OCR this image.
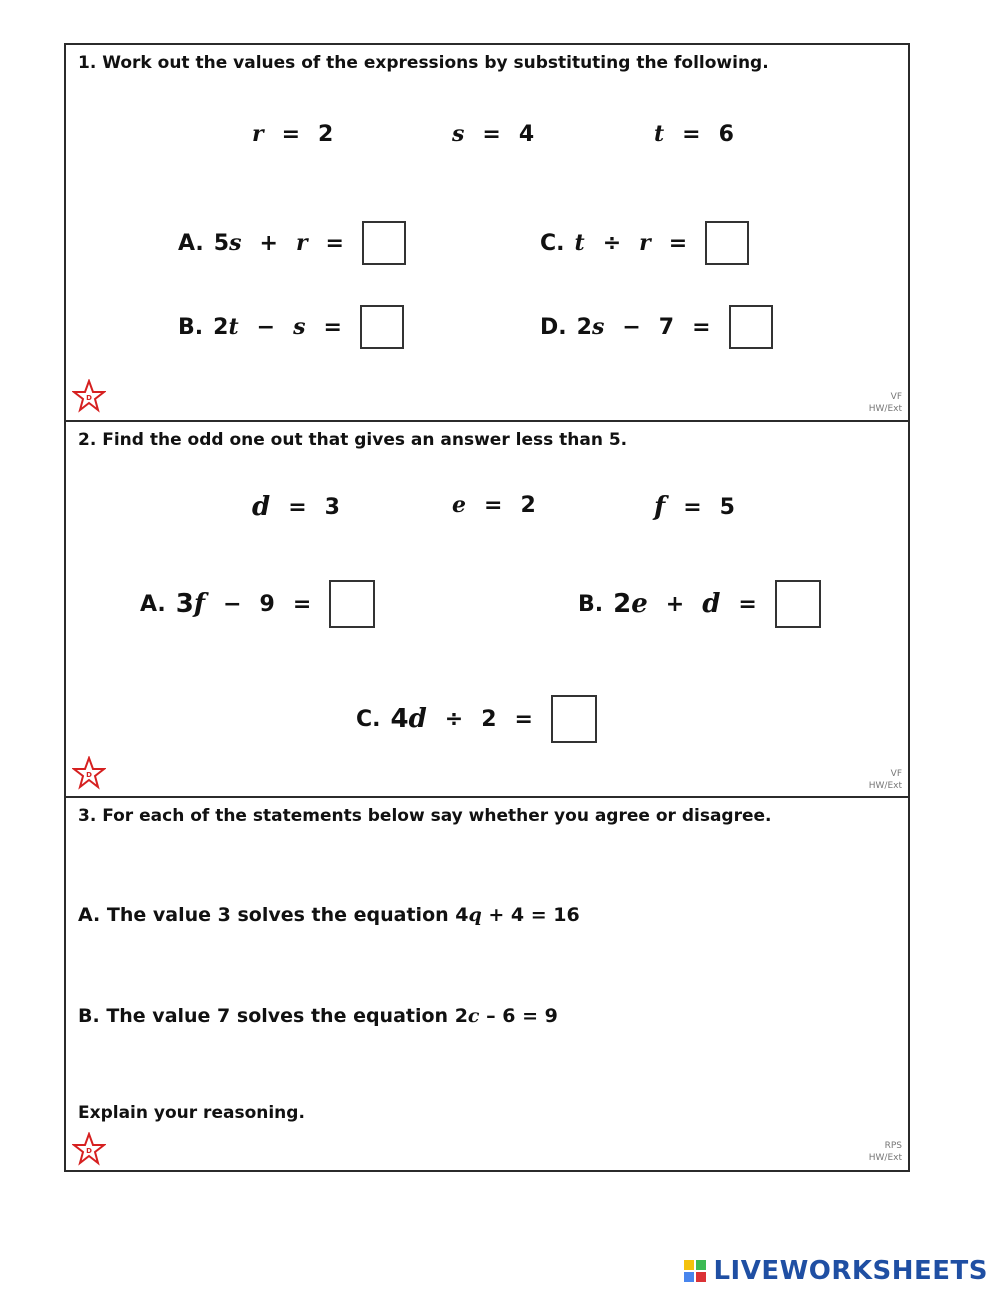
1. Work out the values of the expressions by substituting the following.
r = 2	s = 4	t = 6
A. 5 s + r =	C. t ÷ r =
B. 2 t − s =	D. 2 s − 7 =
D	VF
HW/Ext
2. Find the odd one out that gives an answer less than 5.
d = 3	e = 2	f = 5
A. 3 f − 9 =	B. 2 e + d =
C. 4 d ÷ 2 =
D	VF
HW/Ext
3. For each of the statements below say whether you agree or disagree.
A. The value 3 solves the equation 4q + 4 = 16
B. The value 7 solves the equation 2c – 6 = 9
Explain your reasoning.
D	RPS
HW/Ext
LIVEWORKSHEETS
